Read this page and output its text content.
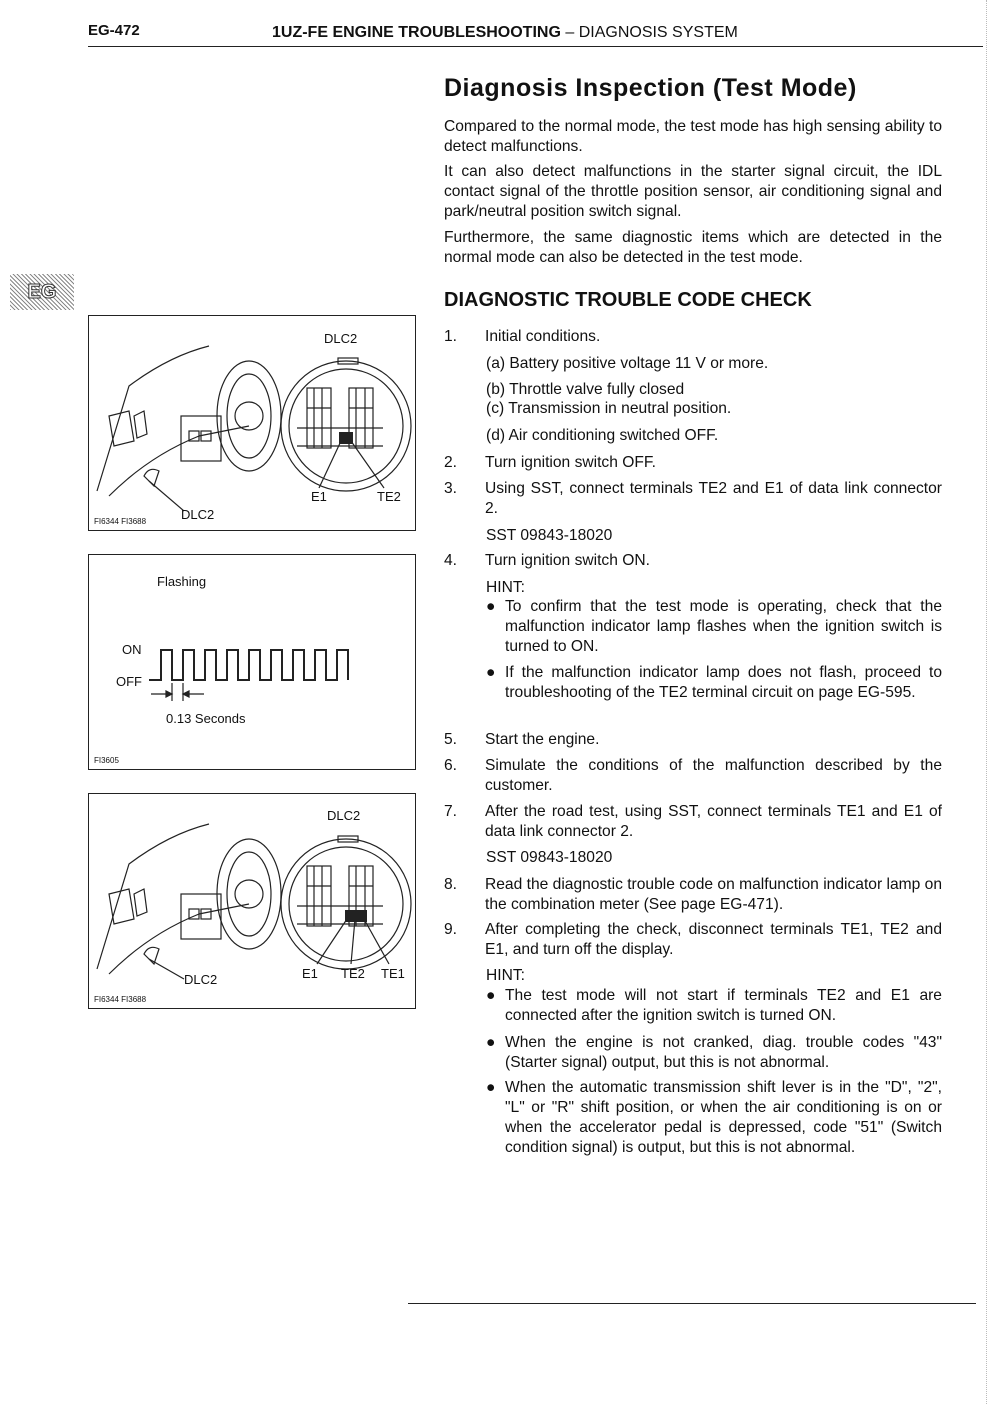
EG-472	1UZ-FE ENGINE TROUBLESHOOTING – DIAGNOSIS SYSTEM
EG
Diagnosis Inspection (Test Mode)
Compared to the normal mode, the test mode has high sensing ability to detect malfunctions.
It can also detect malfunctions in the starter signal circuit, the IDL contact signal of the throttle position sensor, air conditioning signal and park/neutral position switch signal.
Furthermore, the same diagnostic items which are detected in the normal mode can also be detected in the test mode.
DIAGNOSTIC TROUBLE CODE CHECK
1.	Initial conditions.
(a) Battery positive voltage 11 V or more.
(b) Throttle valve fully closed
(c) Transmission in neutral position.
(d) Air conditioning switched OFF.
2.	Turn ignition switch OFF.
3.	Using SST, connect terminals TE2 and E1 of data link connector 2.
SST 09843-18020
4.	Turn ignition switch ON.
HINT:
● To confirm that the test mode is operating, check that the malfunction indicator lamp flashes when the ignition switch is turned to ON.
● If the malfunction indicator lamp does not flash, proceed to troubleshooting of the TE2 terminal circuit on page EG-595.
5.	Start the engine.
6.	Simulate the conditions of the malfunction described by the customer.
7.	After the road test, using SST, connect terminals TE1 and E1 of data link connector 2.
SST 09843-18020
8.	Read the diagnostic trouble code on malfunction indicator lamp on the combination meter (See page EG-471).
9.	After completing the check, disconnect terminals TE1, TE2 and E1, and turn off the display.
HINT:
● The test mode will not start if terminals TE2 and E1 are connected after the ignition switch is turned ON.
● When the engine is not cranked, diag. trouble codes "43" (Starter signal) output, but this is not abnormal.
● When the automatic transmission shift lever is in the "D", "2", "L" or "R" shift position, or when the air conditioning is on or when the accelerator pedal is depressed, code "51" (Switch condition signal) is output, but this is not abnormal.
DLC2
DLC2
E1	TE2
FI6344 FI3688
Flashing
ON
OFF
0.13 Seconds
FI3605
DLC2
DLC2	E1 TE2 TE1
FI6344 FI3688
